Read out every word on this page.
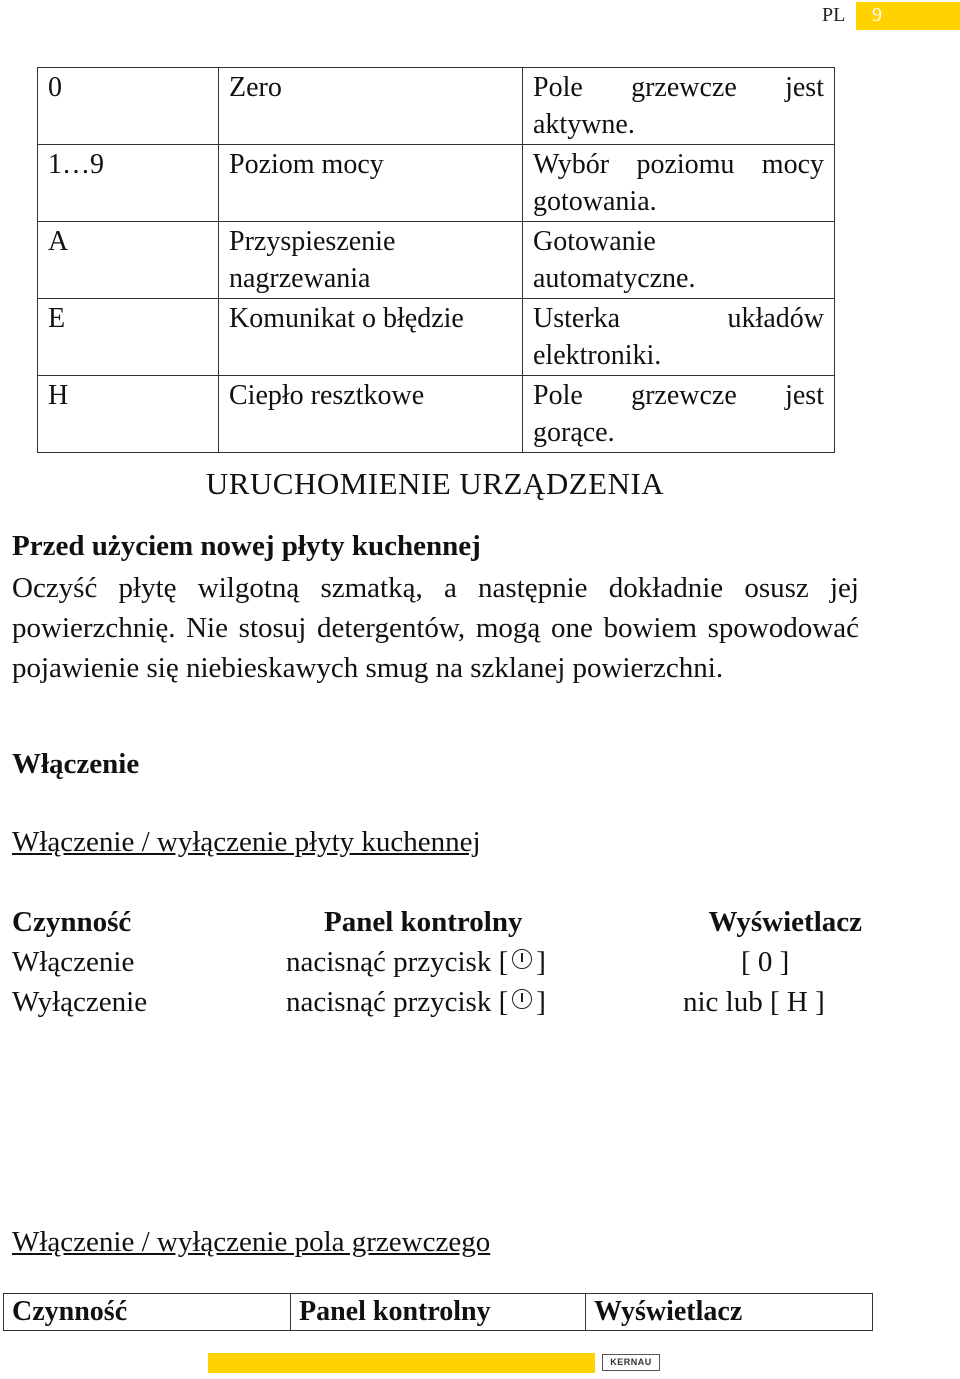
PL	9
0	Zero	Pole grzewcze jest
aktywne.

1…9	Poziom mocy	Wybór poziomu mocy
gotowania.

A	Przyspieszenie nagrzewania	Gotowanie
automatyczne.

E	Komunikat o błędzie	Usterka układów
elektroniki.

H	Ciepło resztkowe	Pole grzewcze jest
gorące.
URUCHOMIENIE URZĄDZENIA
Przed użyciem nowej płyty kuchennej
Oczyść płytę wilgotną szmatką, a następnie dokładnie osusz jej powierzchnię. Nie stosuj detergentów, mogą one bowiem spowodować pojawienie się niebieskawych smug na szklanej powierzchni.
Włączenie
Włączenie / wyłączenie płyty kuchennej
Czynność	Panel kontrolny	Wyświetlacz
Włączenie	nacisnąć przycisk [ ]	[ 0 ]
Wyłączenie	nacisnąć przycisk [ ]	nic lub [ H ]
Włączenie / wyłączenie pola grzewczego
Czynność	Panel kontrolny	Wyświetlacz
KERNAU
